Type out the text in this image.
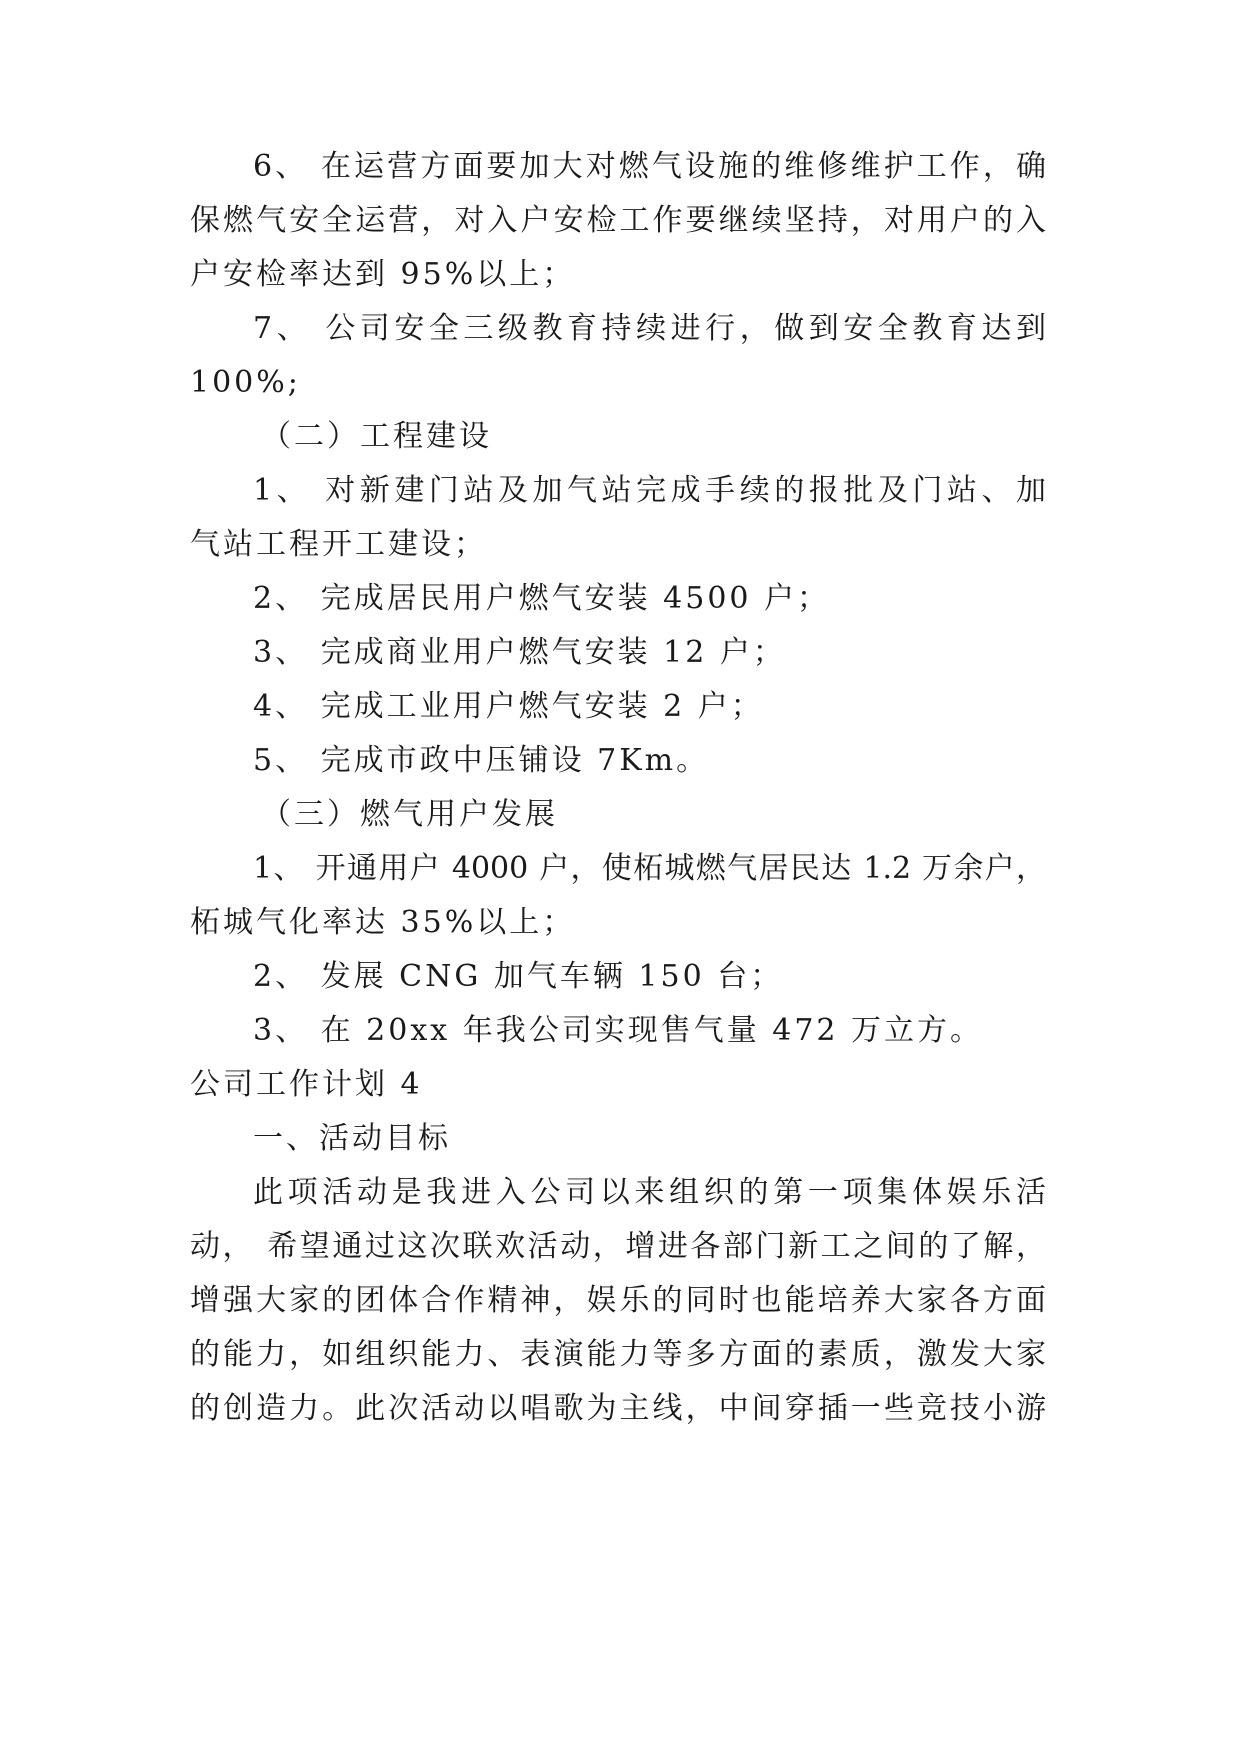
6、 在运营方面要加大对燃气设施的维修维护工作，确
保燃气安全运营，对入户安检工作要继续坚持，对用户的入
户安检率达到 95%以上；
7、 公司安全三级教育持续进行，做到安全教育达到
100%;
（二）工程建设
1、 对新建门站及加气站完成手续的报批及门站、加
气站工程开工建设；
2、 完成居民用户燃气安装 4500 户；
3、 完成商业用户燃气安装 12 户；
4、 完成工业用户燃气安装 2 户；
5、 完成市政中压铺设 7Km。
（三）燃气用户发展
1、 开通用户 4000 户，使柘城燃气居民达 1.2 万余户，
柘城气化率达 35%以上；
2、 发展 CNG 加气车辆 150 台；
3、 在 20xx 年我公司实现售气量 472 万立方。
公司工作计划 4
一、活动目标
此项活动是我进入公司以来组织的第一项集体娱乐活
动， 希望通过这次联欢活动，增进各部门新工之间的了解，
增强大家的团体合作精神，娱乐的同时也能培养大家各方面
的能力，如组织能力、表演能力等多方面的素质，激发大家
的创造力。此次活动以唱歌为主线，中间穿插一些竞技小游
